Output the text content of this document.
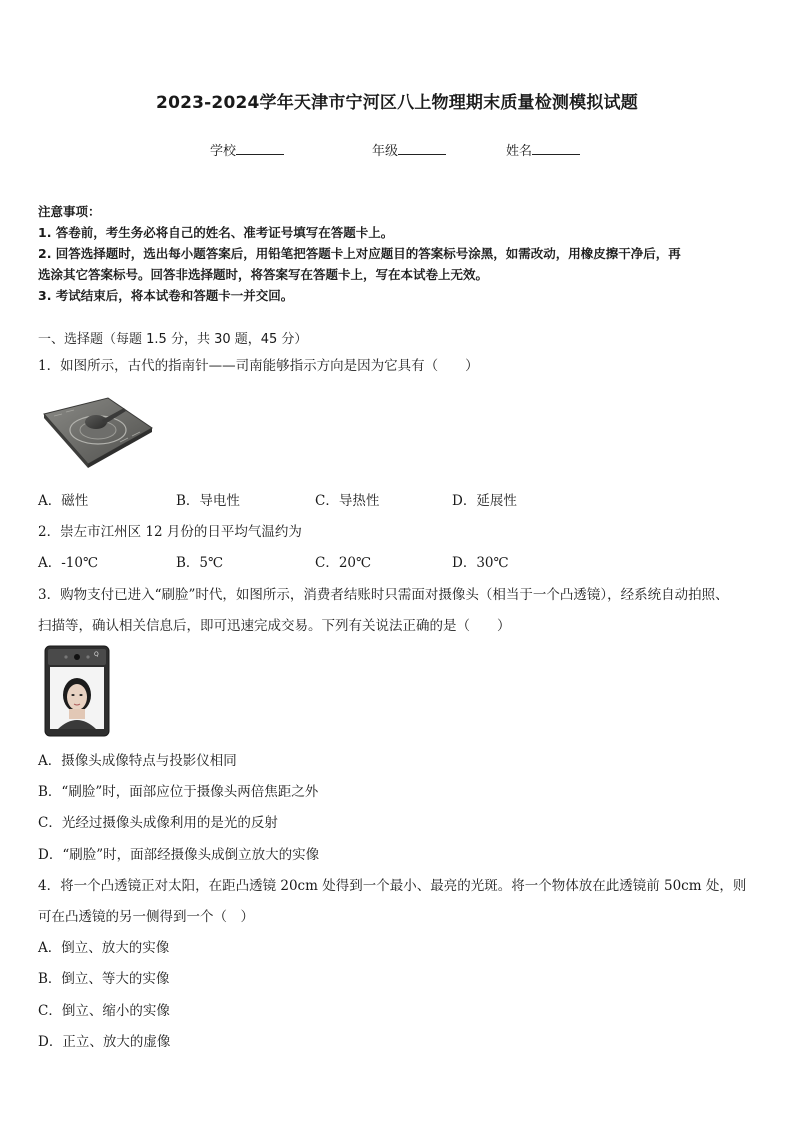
2023-2024学年天津市宁河区八上物理期末质量检测模拟试题
学校	年级	姓名
注意事项：
1. 答卷前，考生务必将自己的姓名、准考证号填写在答题卡上。
2. 回答选择题时，选出每小题答案后，用铅笔把答题卡上对应题目的答案标号涂黑，如需改动，用橡皮擦干净后，再
选涂其它答案标号。回答非选择题时，将答案写在答题卡上，写在本试卷上无效。
3. 考试结束后，将本试卷和答题卡一并交回。
一、选择题（每题 1.5 分，共 30 题，45 分）
1．如图所示，古代的指南针——司南能够指示方向是因为它具有（　　）
A．磁性	B．导电性	C．导热性	D．延展性
2．崇左市江州区 12 月份的日平均气温约为
A．-10℃	B．5℃	C．20℃	D．30℃
3．购物支付已进入“刷脸”时代，如图所示，消费者结账时只需面对摄像头（相当于一个凸透镜），经系统自动拍照、
扫描等，确认相关信息后，即可迅速完成交易。下列有关说法正确的是（　　）
Q
A．摄像头成像特点与投影仪相同
B．“刷脸”时，面部应位于摄像头两倍焦距之外
C．光经过摄像头成像利用的是光的反射
D．“刷脸”时，面部经摄像头成倒立放大的实像
4．将一个凸透镜正对太阳，在距凸透镜 20cm 处得到一个最小、最亮的光斑。将一个物体放在此透镜前 50cm 处，则
可在凸透镜的另一侧得到一个（　）
A．倒立、放大的实像
B．倒立、等大的实像
C．倒立、缩小的实像
D．正立、放大的虚像
